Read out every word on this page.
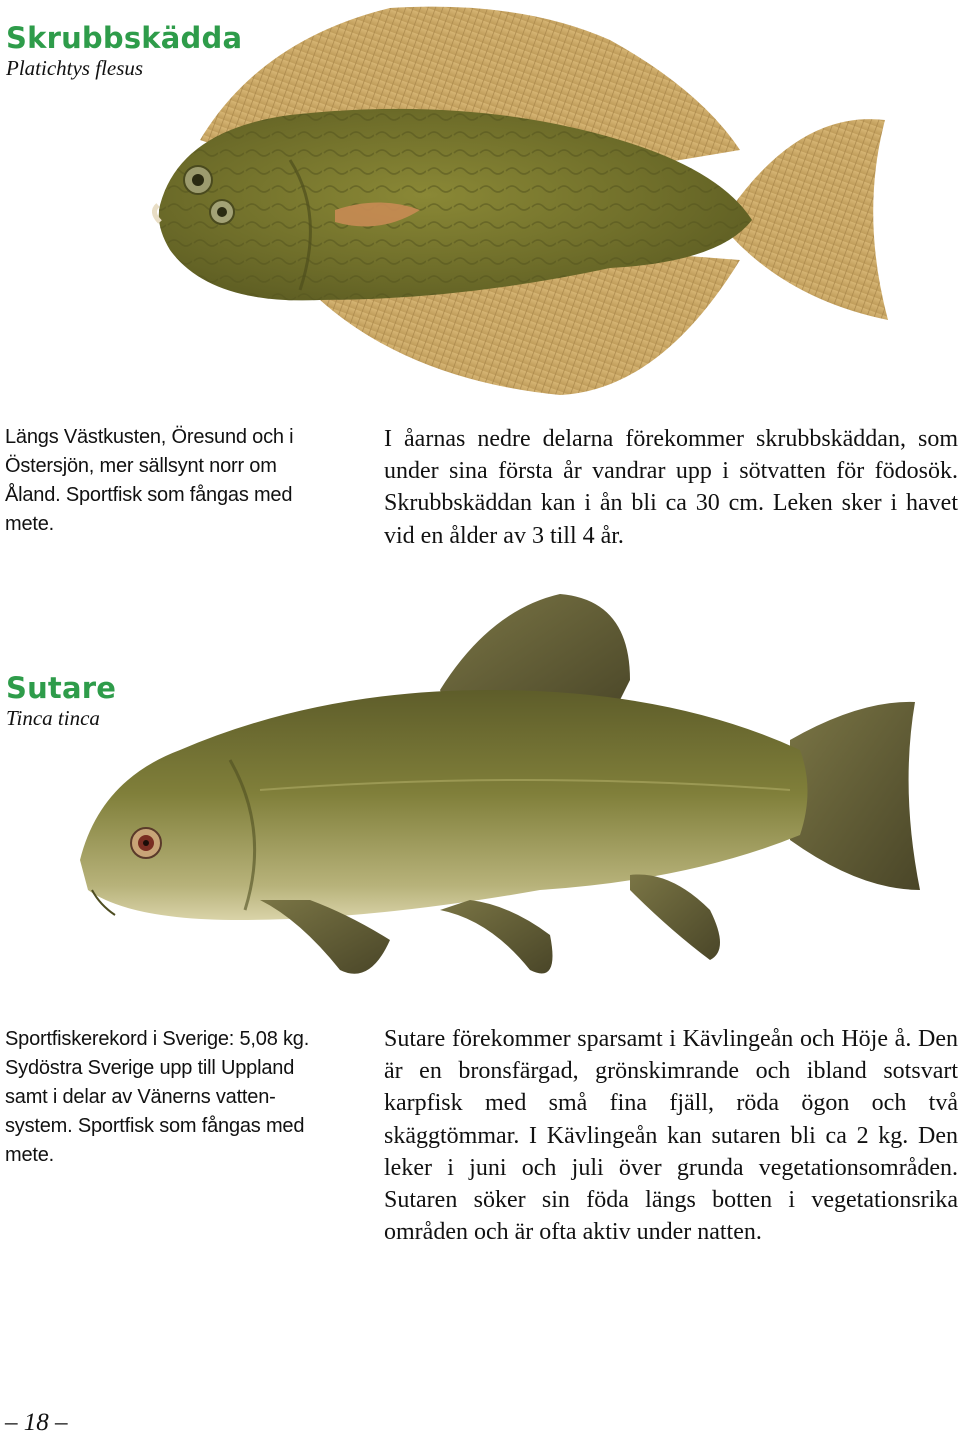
Skrubbskädda

Platichtys flesus

Längs Västkusten, Öresund och i
Östersjön, mer sällsynt norr om
Åland. Sportfisk som fångas med
mete.

I åarnas nedre delarna förekommer skrubbskäddan, som under sina första år vandrar upp i sötvatten för födosök. Skrubbskäddan kan i ån bli ca 30 cm. Leken sker i havet vid en ålder av 3 till 4 år.

Sutare

Tinca tinca

Sportfiskerekord i Sverige: 5,08 kg.
Sydöstra Sverige upp till Uppland
samt i delar av Vänerns vatten-
system. Sportfisk som fångas med
mete.

Sutare förekommer sparsamt i Kävlingeån och Höje å. Den är en bronsfärgad, grönskimrande och ibland sotsvart karpfisk med små fina fjäll, röda ögon och två skäggtömmar. I Kävlingeån kan sutaren bli ca 2 kg. Den leker i juni och juli över grunda vegetationsområden. Sutaren söker sin föda längs botten i vegetationsrika områden och är ofta aktiv under natten.

– 18 –
